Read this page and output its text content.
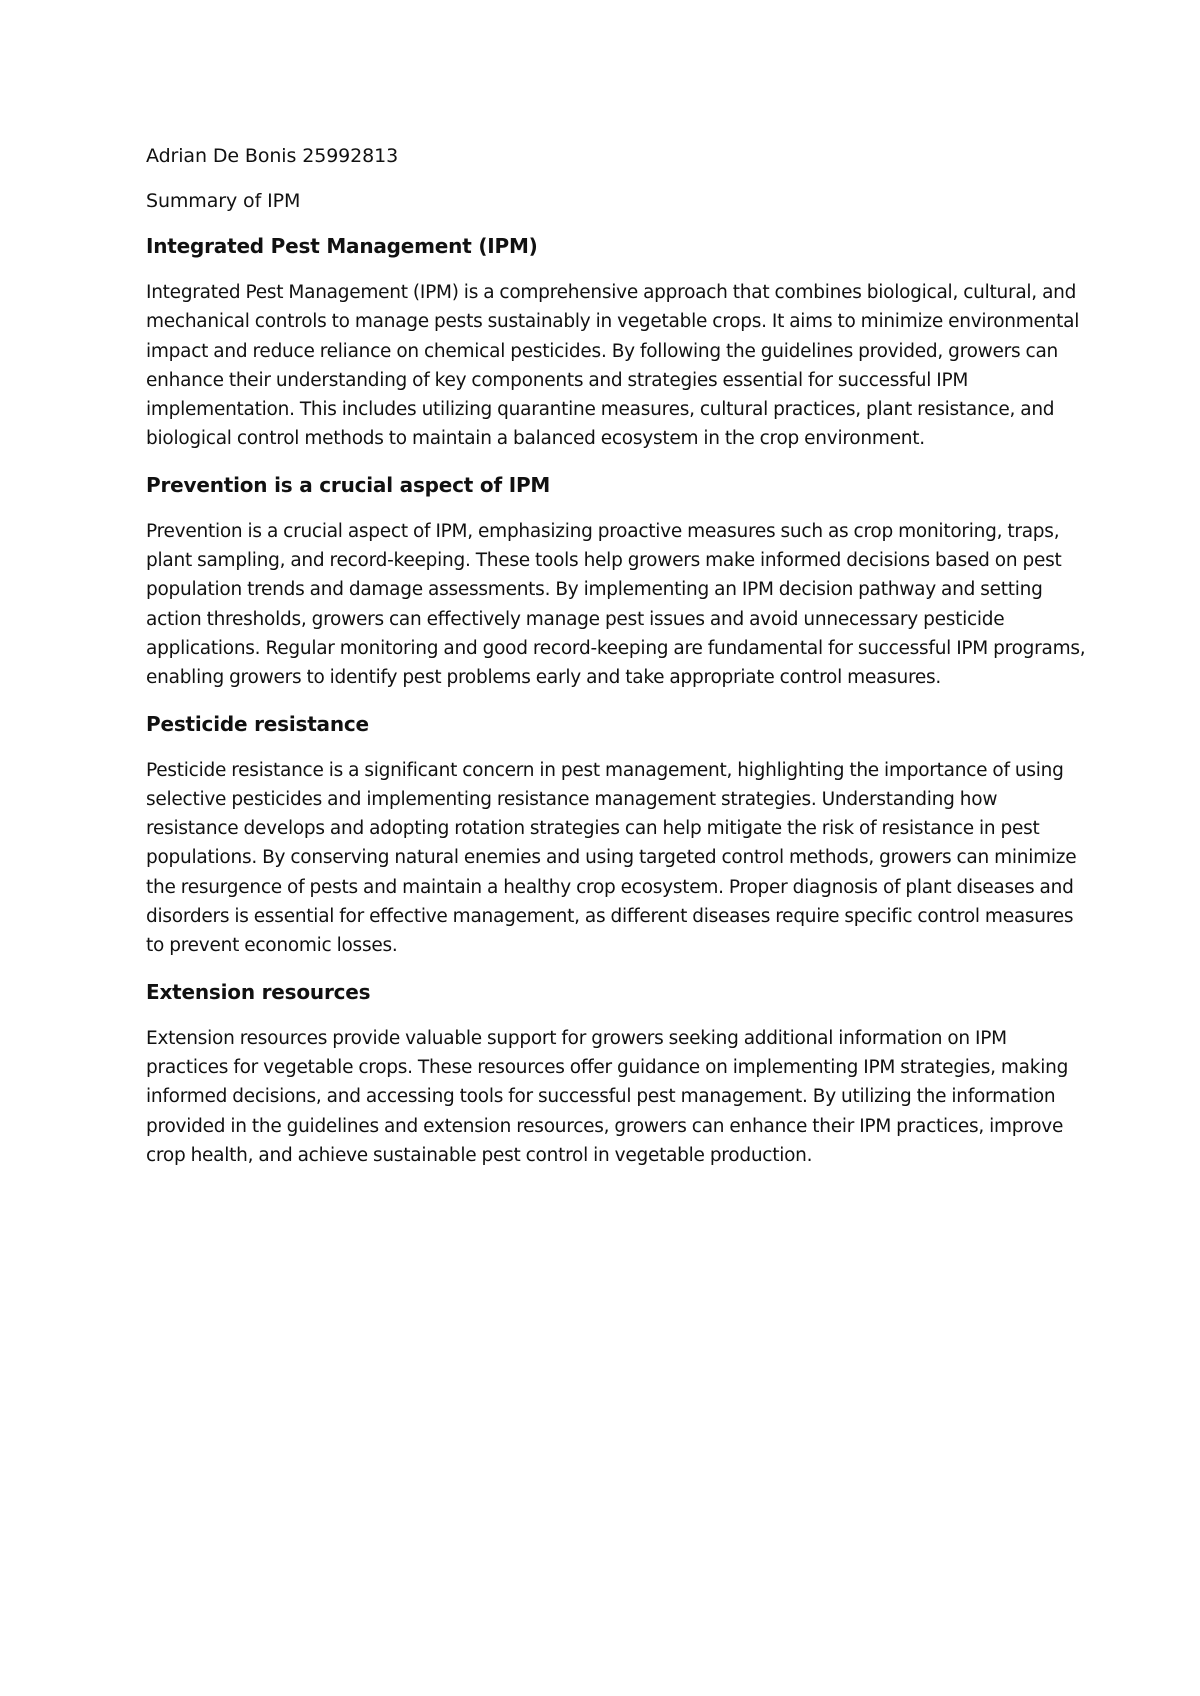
Adrian De Bonis 25992813

Summary of IPM

Integrated Pest Management (IPM)

Integrated Pest Management (IPM) is a comprehensive approach that combines biological, cultural, and mechanical controls to manage pests sustainably in vegetable crops. It aims to minimize environmental impact and reduce reliance on chemical pesticides. By following the guidelines provided, growers can enhance their understanding of key components and strategies essential for successful IPM implementation. This includes utilizing quarantine measures, cultural practices, plant resistance, and biological control methods to maintain a balanced ecosystem in the crop environment.

Prevention is a crucial aspect of IPM

Prevention is a crucial aspect of IPM, emphasizing proactive measures such as crop monitoring, traps, plant sampling, and record-keeping. These tools help growers make informed decisions based on pest population trends and damage assessments. By implementing an IPM decision pathway and setting action thresholds, growers can effectively manage pest issues and avoid unnecessary pesticide applications. Regular monitoring and good record-keeping are fundamental for successful IPM programs, enabling growers to identify pest problems early and take appropriate control measures.

Pesticide resistance

Pesticide resistance is a significant concern in pest management, highlighting the importance of using selective pesticides and implementing resistance management strategies. Understanding how resistance develops and adopting rotation strategies can help mitigate the risk of resistance in pest populations. By conserving natural enemies and using targeted control methods, growers can minimize the resurgence of pests and maintain a healthy crop ecosystem. Proper diagnosis of plant diseases and disorders is essential for effective management, as different diseases require specific control measures to prevent economic losses.

Extension resources

Extension resources provide valuable support for growers seeking additional information on IPM practices for vegetable crops. These resources offer guidance on implementing IPM strategies, making informed decisions, and accessing tools for successful pest management. By utilizing the information provided in the guidelines and extension resources, growers can enhance their IPM practices, improve crop health, and achieve sustainable pest control in vegetable production.
